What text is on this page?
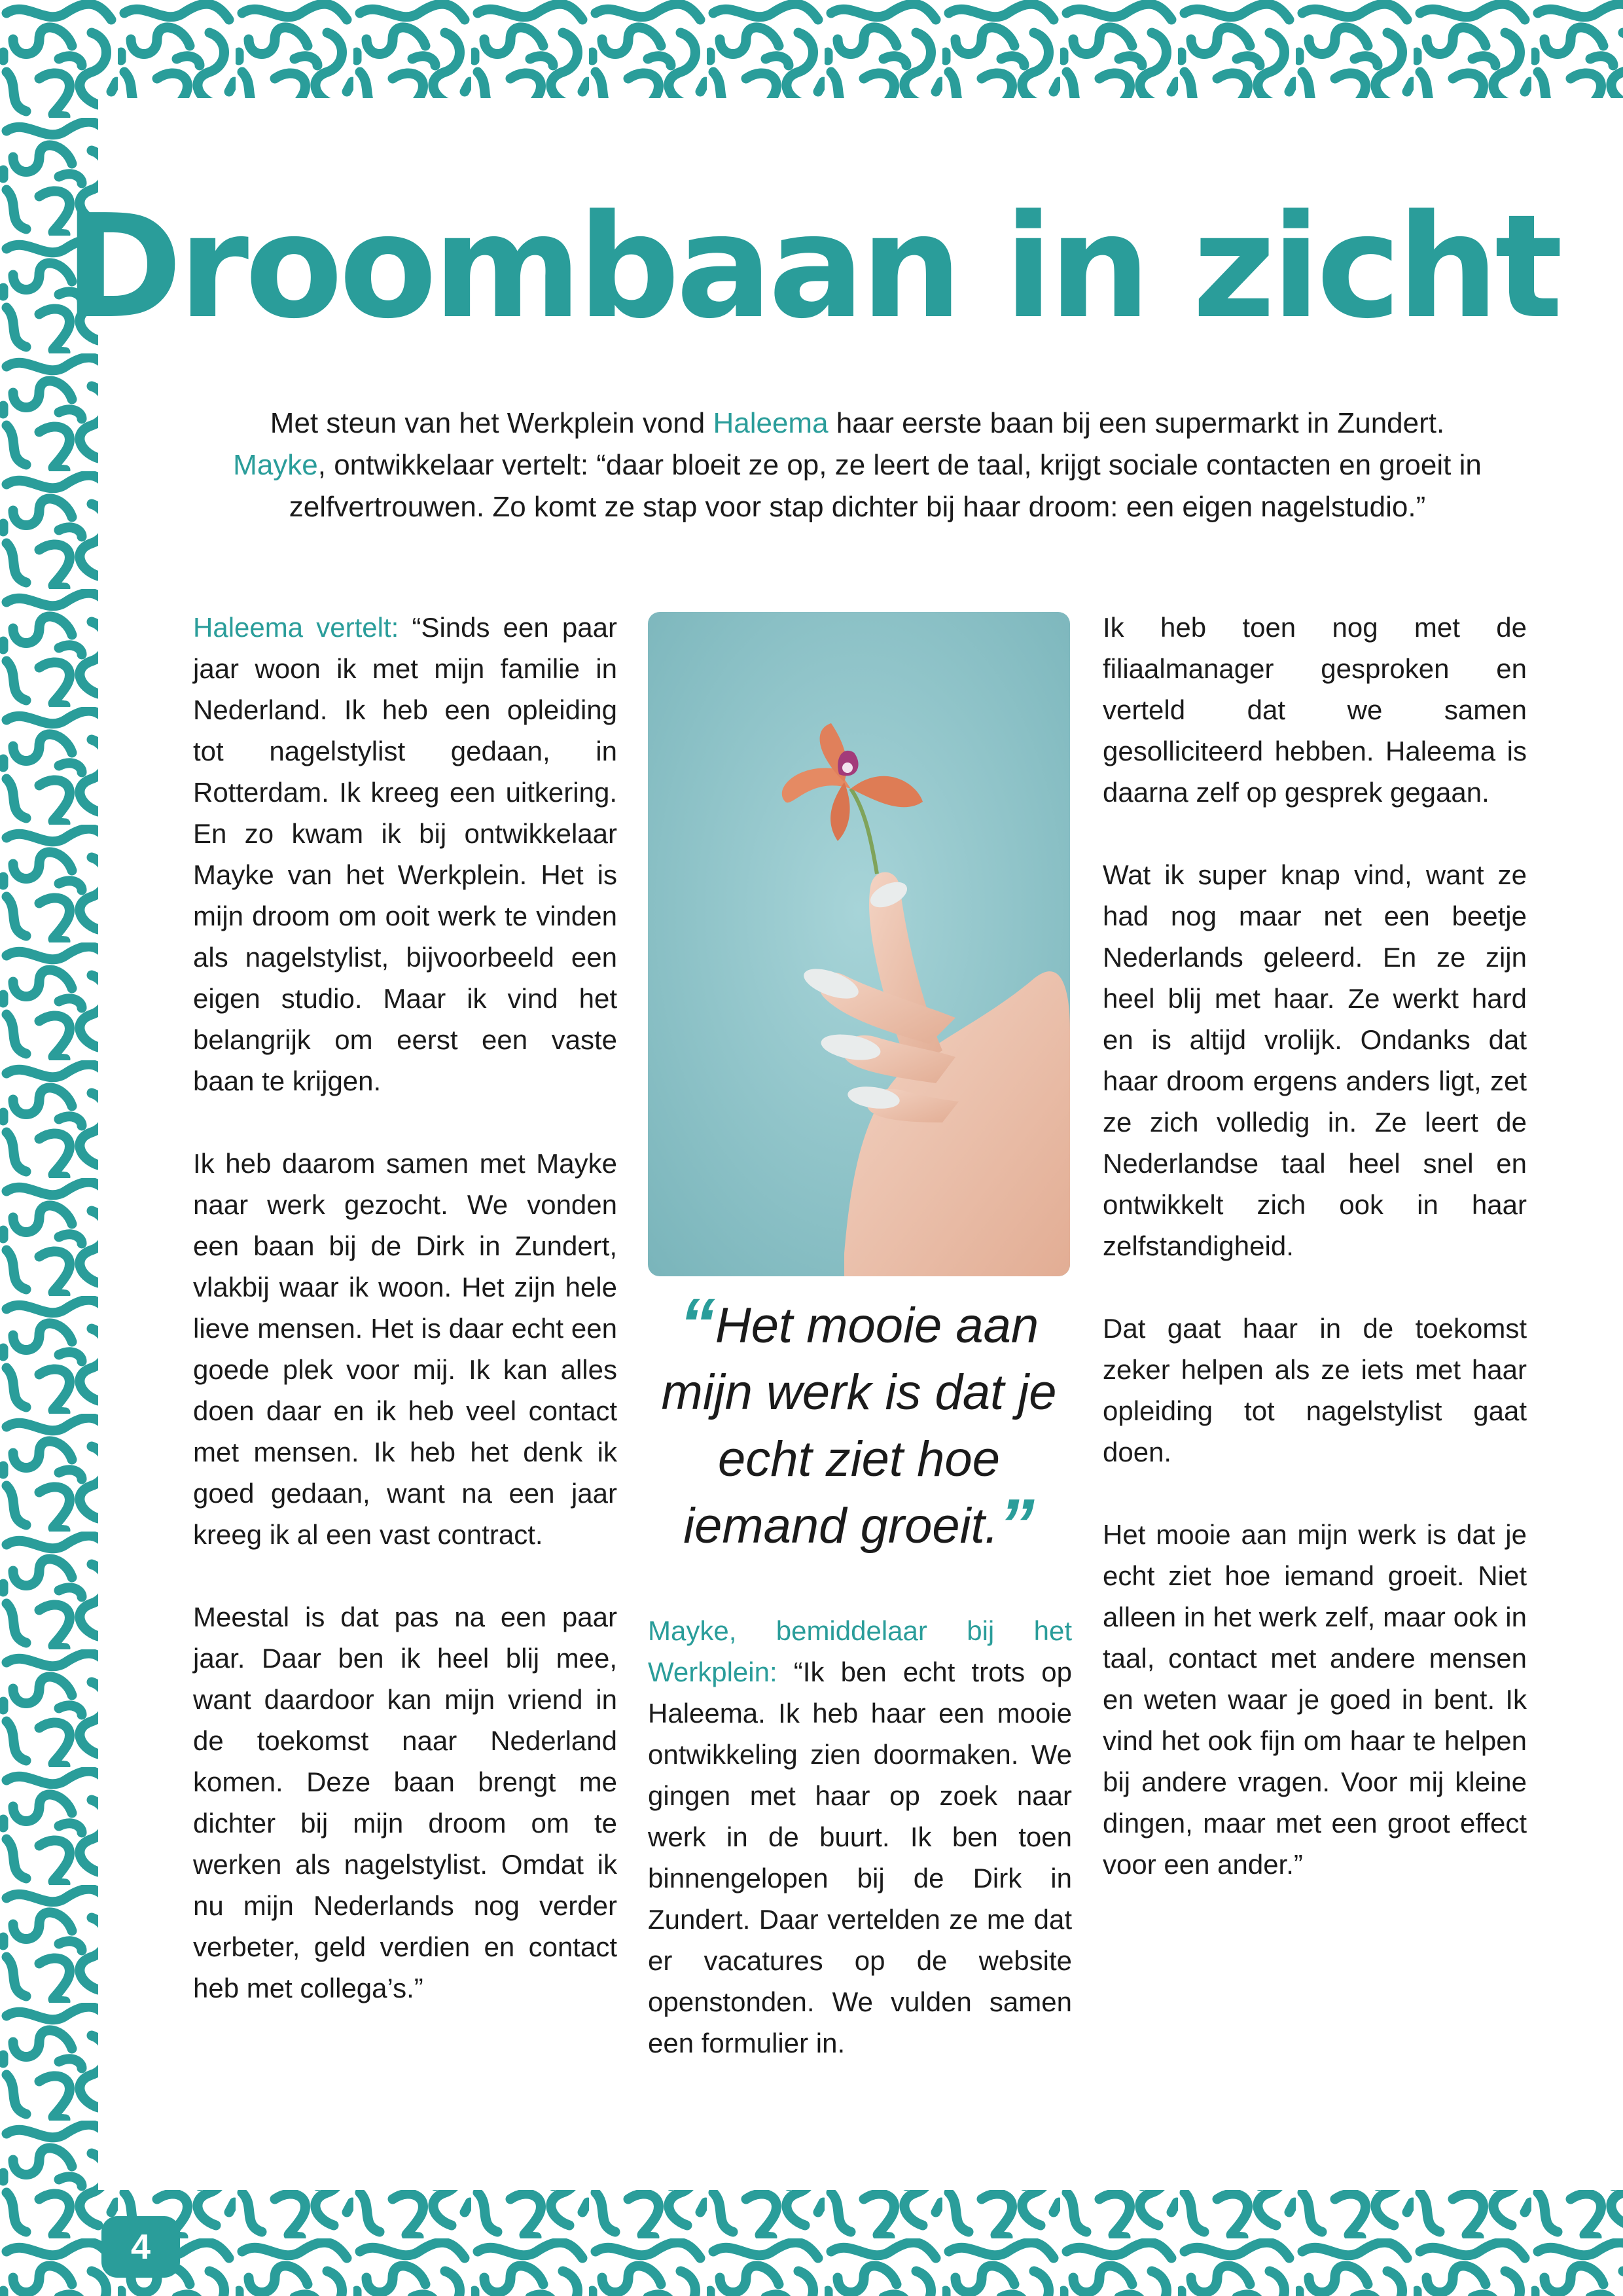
Droombaan in zicht
Met steun van het Werkplein vond Haleema haar eerste baan bij een supermarkt in Zundert.
Mayke, ontwikkelaar vertelt: “daar bloeit ze op, ze leert de taal, krijgt sociale contacten en groeit in zelfvertrouwen. Zo komt ze stap voor stap dichter bij haar droom: een eigen nagelstudio.”

Haleema vertelt: “Sinds een paar jaar woon ik met mijn familie in Nederland. Ik heb een opleiding tot nagelstylist gedaan, in Rotterdam. Ik kreeg een uitkering. En zo kwam ik bij ontwikkelaar Mayke van het Werkplein. Het is mijn droom om ooit werk te vinden als nagelstylist, bijvoorbeeld een eigen studio. Maar ik vind het belangrijk om eerst een vaste baan te krijgen.

Ik heb daarom samen met Mayke naar werk gezocht. We vonden een baan bij de Dirk in Zundert, vlakbij waar ik woon. Het zijn hele lieve mensen. Het is daar echt een goede plek voor mij. Ik kan alles doen daar en ik heb veel contact met mensen. Ik heb het denk ik goed gedaan, want na een jaar kreeg ik al een vast contract.

Meestal is dat pas na een paar jaar. Daar ben ik heel blij mee, want daardoor kan mijn vriend in de toekomst naar Nederland komen. Deze baan brengt me dichter bij mijn droom om te werken als nagelstylist. Omdat ik nu mijn Nederlands nog verder verbeter, geld verdien en contact heb met collega’s.”

“Het mooie aan mijn werk is dat je echt ziet hoe iemand groeit.”

Mayke, bemiddelaar bij het Werkplein: “Ik ben echt trots op Haleema. Ik heb haar een mooie ontwikkeling zien doormaken. We gingen met haar op zoek naar werk in de buurt. Ik ben toen binnengelopen bij de Dirk in Zundert. Daar vertelden ze me dat er vacatures op de website openstonden. We vulden samen een formulier in.

Ik heb toen nog met de filiaalmanager gesproken en verteld dat we samen gesolliciteerd hebben. Haleema is daarna zelf op gesprek gegaan.

Wat ik super knap vind, want ze had nog maar net een beetje Nederlands geleerd. En ze zijn heel blij met haar. Ze werkt hard en is altijd vrolijk. Ondanks dat haar droom ergens anders ligt, zet ze zich volledig in. Ze leert de Nederlandse taal heel snel en ontwikkelt zich ook in haar zelfstandigheid.

Dat gaat haar in de toekomst zeker helpen als ze iets met haar opleiding tot nagelstylist gaat doen.

Het mooie aan mijn werk is dat je echt ziet hoe iemand groeit. Niet alleen in het werk zelf, maar ook in taal, contact met andere mensen en weten waar je goed in bent. Ik vind het ook fijn om haar te helpen bij andere vragen. Voor mij kleine dingen, maar met een groot effect voor een ander.”

4
